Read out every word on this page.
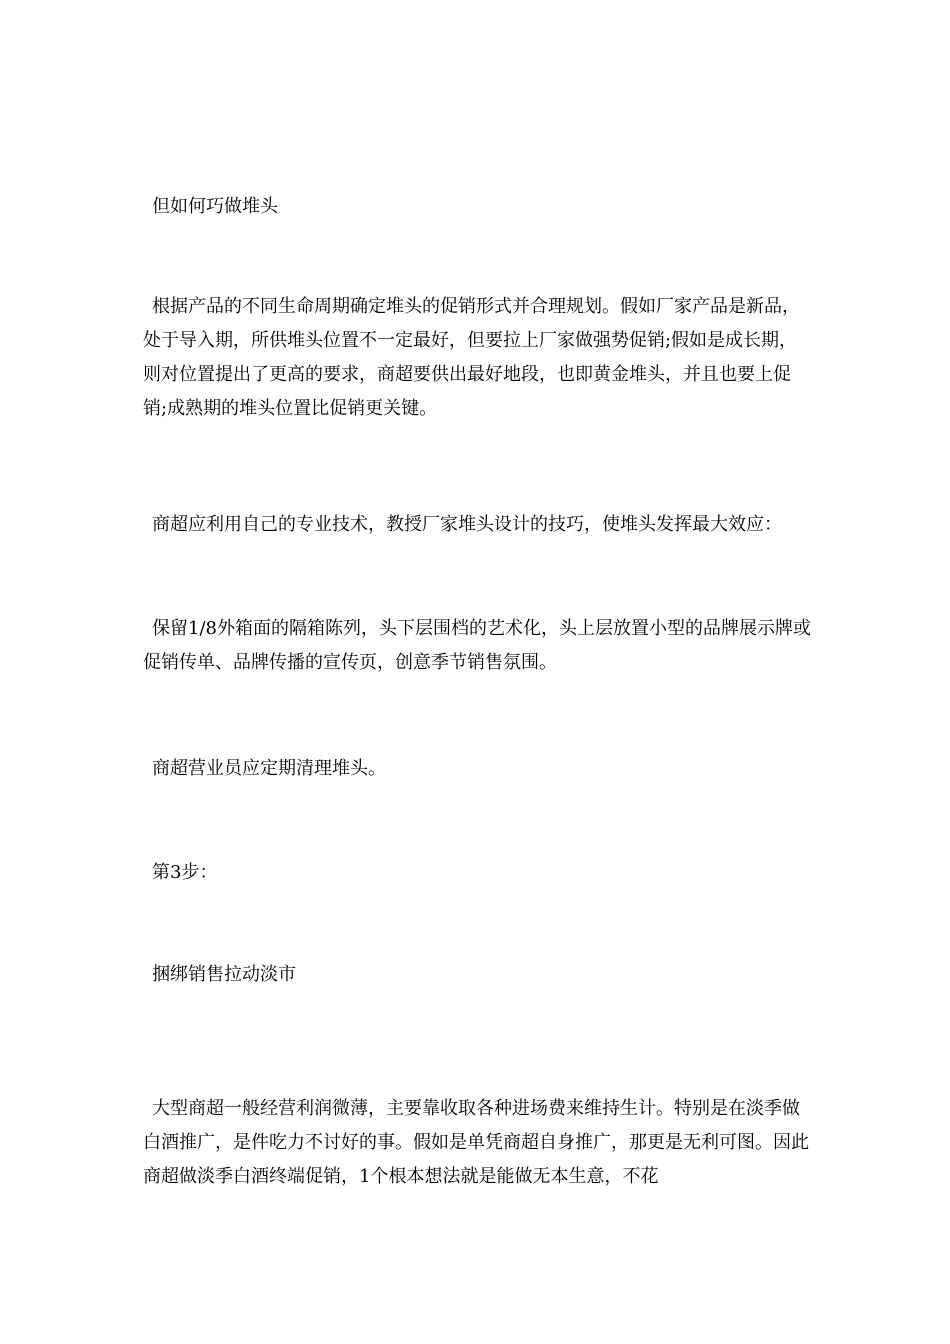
但如何巧做堆头

根据产品的不同生命周期确定堆头的促销形式并合理规划。假如厂家产品是新品，处于导入期，所供堆头位置不一定最好，但要拉上厂家做强势促销;假如是成长期，则对位置提出了更高的要求，商超要供出最好地段，也即黄金堆头，并且也要上促销;成熟期的堆头位置比促销更关键。

商超应利用自己的专业技术，教授厂家堆头设计的技巧，使堆头发挥最大效应：

保留1/8外箱面的隔箱陈列，头下层围档的艺术化，头上层放置小型的品牌展示牌或促销传单、品牌传播的宣传页，创意季节销售氛围。

商超营业员应定期清理堆头。

第3步：

捆绑销售拉动淡市

大型商超一般经营利润微薄，主要靠收取各种进场费来维持生计。特别是在淡季做白酒推广，是件吃力不讨好的事。假如是单凭商超自身推广，那更是无利可图。因此商超做淡季白酒终端促销，1个根本想法就是能做无本生意，不花
